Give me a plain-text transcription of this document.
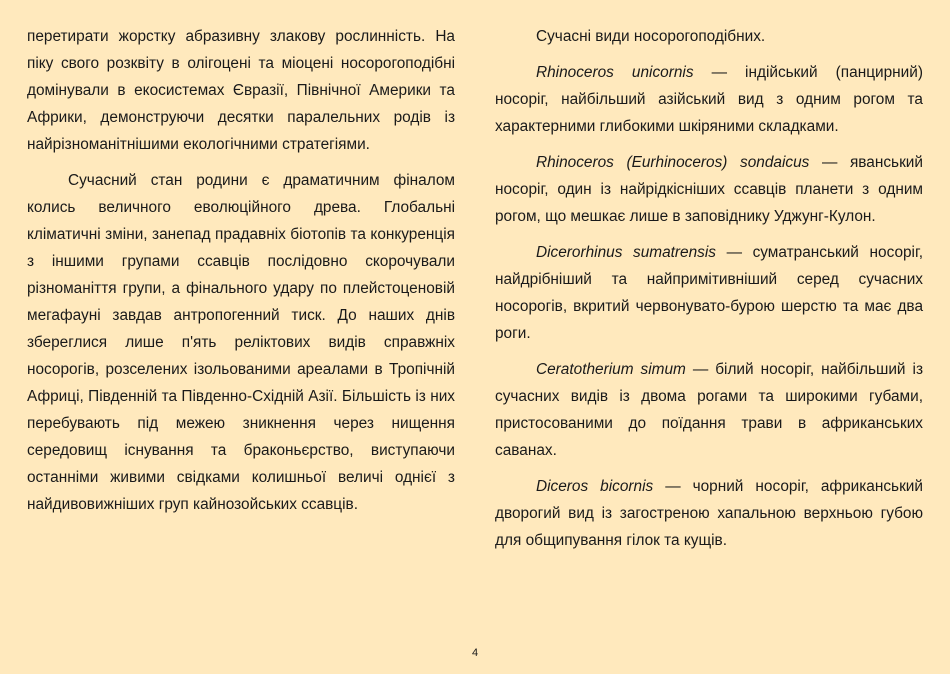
перетирати жорстку абразивну злакову рослинність. На піку свого розквіту в олігоцені та міоцені носорогоподібні домінували в екосистемах Євразії, Північної Америки та Африки, демонструючи десятки паралельних родів із найрізноманітнішими екологічними стратегіями.

Сучасний стан родини є драматичним фіналом колись величного еволюційного древа. Глобальні кліматичні зміни, занепад прадавніх біотопів та конкуренція з іншими групами ссавців послідовно скорочували різноманіття групи, а фінального удару по плейстоценовій мегафауні завдав антропогенний тиск. До наших днів збереглися лише п'ять реліктових видів справжніх носорогів, розселених ізольованими ареалами в Тропічній Африці, Південній та Південно-Східній Азії. Більшість із них перебувають під межею зникнення через нищення середовищ існування та браконьєрство, виступаючи останніми живими свідками колишньої величі однієї з найдивовижніших груп кайнозойських ссавців.

Сучасні види носорогоподібних.

Rhinoceros unicornis — індійський (панцирний) носоріг, найбільший азійський вид з одним рогом та характерними глибокими шкіряними складками.

Rhinoceros (Eurhinoceros) sondaicus — яванський носоріг, один із найрідкісніших ссавців планети з одним рогом, що мешкає лише в заповіднику Уджунг-Кулон.

Dicerorhinus sumatrensis — суматранський носоріг, найдрібніший та найпримітивніший серед сучасних носорогів, вкритий червонувато-бурою шерстю та має два роги.

Ceratotherium simum — білий носоріг, найбільший із сучасних видів із двома рогами та широкими губами, пристосованими до поїдання трави в африканських саванах.

Diceros bicornis — чорний носоріг, африканський дворогий вид із загостреною хапальною верхньою губою для общипування гілок та кущів.

4
